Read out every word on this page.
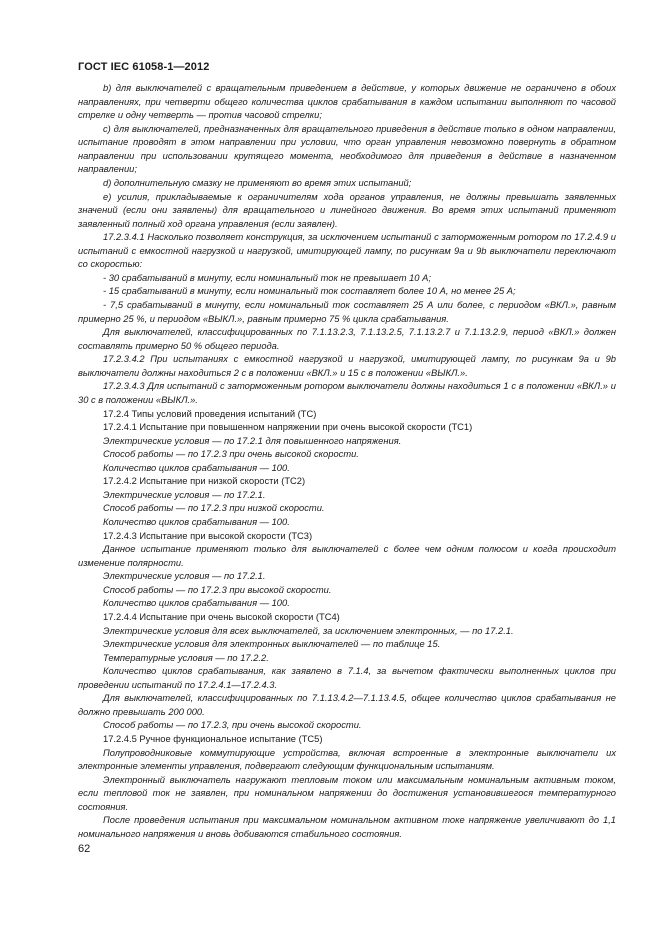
ГОСТ IEC 61058-1—2012

b) для выключателей с вращательным приведением в действие, у которых движение не ограничено в обоих направлениях, при четверти общего количества циклов срабатывания в каждом испытании выполняют по часовой стрелке и одну четверть — против часовой стрелки;

c) для выключателей, предназначенных для вращательного приведения в действие только в одном направлении, испытание проводят в этом направлении при условии, что орган управления невозможно повернуть в обратном направлении при использовании крутящего момента, необходимого для приведения в действие в назначенном направлении;

d) дополнительную смазку не применяют во время этих испытаний;

e) усилия, прикладываемые к ограничителям хода органов управления, не должны превышать заявленных значений (если они заявлены) для вращательного и линейного движения. Во время этих испытаний применяют заявленный полный ход органа управления (если заявлен).

17.2.3.4.1 Насколько позволяет конструкция, за исключением испытаний с заторможенным ротором по 17.2.4.9 и испытаний с емкостной нагрузкой и нагрузкой, имитирующей лампу, по рисункам 9a и 9b выключатели переключают со скоростью:

- 30 срабатываний в минуту, если номинальный ток не превышает 10 А;

- 15 срабатываний в минуту, если номинальный ток составляет более 10 А, но менее 25 А;

- 7,5 срабатываний в минуту, если номинальный ток составляет 25 А или более, с периодом «ВКЛ.», равным примерно 25 %, и периодом «ВЫКЛ.», равным примерно 75 % цикла срабатывания.

Для выключателей, классифицированных по 7.1.13.2.3, 7.1.13.2.5, 7.1.13.2.7 и 7.1.13.2.9, период «ВКЛ.» должен составлять примерно 50 % общего периода.

17.2.3.4.2 При испытаниях с емкостной нагрузкой и нагрузкой, имитирующей лампу, по рисункам 9a и 9b выключатели должны находиться 2 с в положении «ВКЛ.» и 15 с в положении «ВЫКЛ.».

17.2.3.4.3 Для испытаний с заторможенным ротором выключатели должны находиться 1 с в положении «ВКЛ.» и 30 с в положении «ВЫКЛ.».

17.2.4 Типы условий проведения испытаний (TC)

17.2.4.1 Испытание при повышенном напряжении при очень высокой скорости (TC1)

Электрические условия — по 17.2.1 для повышенного напряжения.

Способ работы — по 17.2.3 при очень высокой скорости.

Количество циклов срабатывания — 100.

17.2.4.2 Испытание при низкой скорости (TC2)

Электрические условия — по 17.2.1.

Способ работы — по 17.2.3 при низкой скорости.

Количество циклов срабатывания — 100.

17.2.4.3 Испытание при высокой скорости (TC3)

Данное испытание применяют только для выключателей с более чем одним полюсом и когда происходит изменение полярности.

Электрические условия — по 17.2.1.

Способ работы — по 17.2.3 при высокой скорости.

Количество циклов срабатывания — 100.

17.2.4.4 Испытание при очень высокой скорости (TC4)

Электрические условия для всех выключателей, за исключением электронных, — по 17.2.1.

Электрические условия для электронных выключателей — по таблице 15.

Температурные условия — по 17.2.2.

Количество циклов срабатывания, как заявлено в 7.1.4, за вычетом фактически выполненных циклов при проведении испытаний по 17.2.4.1—17.2.4.3.

Для выключателей, классифицированных по 7.1.13.4.2—7.1.13.4.5, общее количество циклов срабатывания не должно превышать 200 000.

Способ работы — по 17.2.3, при очень высокой скорости.

17.2.4.5 Ручное функциональное испытание (TC5)

Полупроводниковые коммутирующие устройства, включая встроенные в электронные выключатели их электронные элементы управления, подвергают следующим функциональным испытаниям.

Электронный выключатель нагружают тепловым током или максимальным номинальным активным током, если тепловой ток не заявлен, при номинальном напряжении до достижения установившегося температурного состояния.

После проведения испытания при максимальном номинальном активном токе напряжение увеличивают до 1,1 номинального напряжения и вновь добиваются стабильного состояния.

62
